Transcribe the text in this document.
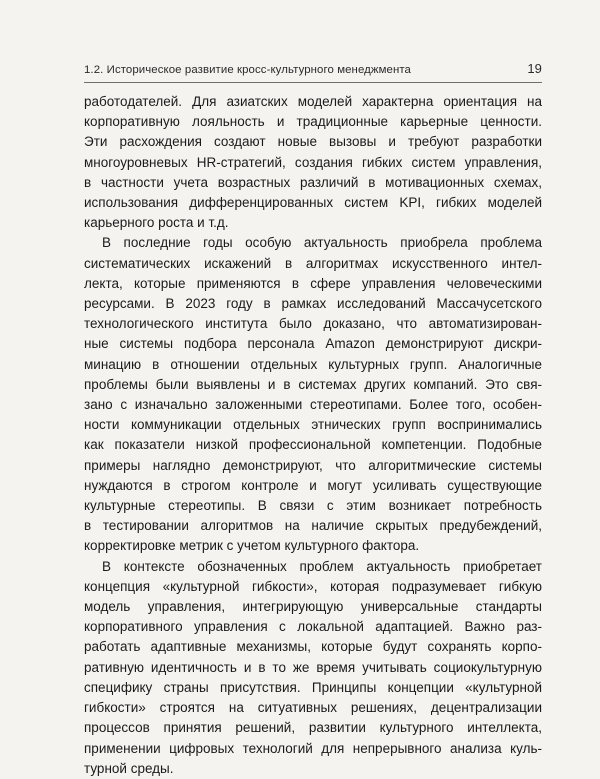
1.2. Историческое развитие кросс-культурного менеджмента	19

работодателей. Для азиатских моделей характерна ориентация на
корпоративную лояльность и традиционные карьерные ценности.
Эти расхождения создают новые вызовы и требуют разработки
многоуровневых HR-стратегий, создания гибких систем управления,
в частности учета возрастных различий в мотивационных схемах,
использования дифференцированных систем KPI, гибких моделей
карьерного роста и т.д.

В последние годы особую актуальность приобрела проблема
систематических искажений в алгоритмах искусственного интел-
лекта, которые применяются в сфере управления человеческими
ресурсами. В 2023 году в рамках исследований Массачусетского
технологического института было доказано, что автоматизирован-
ные системы подбора персонала Amazon демонстрируют дискри-
минацию в отношении отдельных культурных групп. Аналогичные
проблемы были выявлены и в системах других компаний. Это свя-
зано с изначально заложенными стереотипами. Более того, особен-
ности коммуникации отдельных этнических групп воспринимались
как показатели низкой профессиональной компетенции. Подобные
примеры наглядно демонстрируют, что алгоритмические системы
нуждаются в строгом контроле и могут усиливать существующие
культурные стереотипы. В связи с этим возникает потребность
в тестировании алгоритмов на наличие скрытых предубеждений,
корректировке метрик с учетом культурного фактора.

В контексте обозначенных проблем актуальность приобретает
концепция «культурной гибкости», которая подразумевает гибкую
модель управления, интегрирующую универсальные стандарты
корпоративного управления с локальной адаптацией. Важно раз-
работать адаптивные механизмы, которые будут сохранять корпо-
ративную идентичность и в то же время учитывать социокультурную
специфику страны присутствия. Принципы концепции «культурной
гибкости» строятся на ситуативных решениях, децентрализации
процессов принятия решений, развитии культурного интеллекта,
применении цифровых технологий для непрерывного анализа куль-
турной среды.
